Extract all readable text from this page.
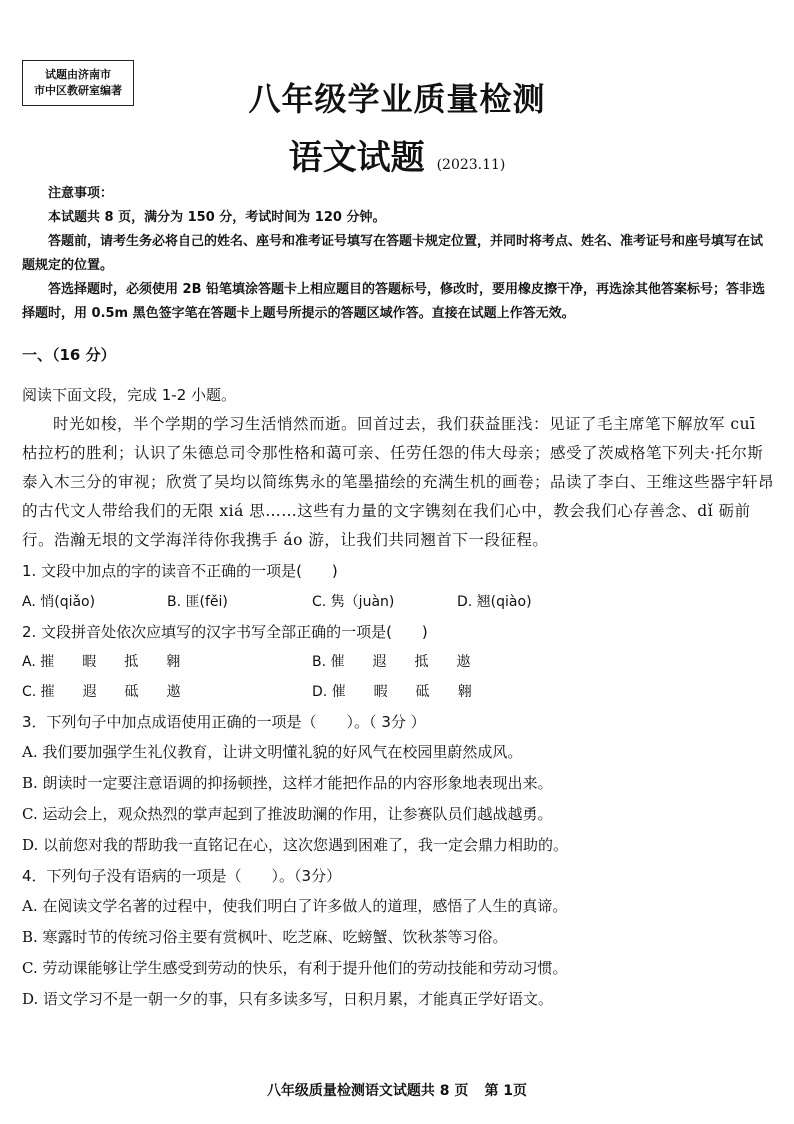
试题由济南市
市中区教研室编著	八年级学业质量检测
语文试题 (2023.11)

注意事项：

本试题共 8 页，满分为 150 分，考试时间为 120 分钟。

答题前，请考生务必将自己的姓名、座号和准考证号填写在答题卡规定位置，并同时将考点、姓名、准考证号和座号填写在试题规定的位置。

答选择题时，必须使用 2B 铅笔填涂答题卡上相应题目的答题标号，修改时，要用橡皮擦干净，再选涂其他答案标号；答非选择题时，用 0.5m 黑色签字笔在答题卡上题号所提示的答题区域作答。直接在试题上作答无效。

一、（16 分）

阅读下面文段，完成 1-2 小题。

时光如梭，半个学期的学习生活悄然而逝。回首过去，我们获益匪浅：见证了毛主席笔下解放军 cuī 枯拉朽的胜利；认识了朱德总司令那性格和蔼可亲、任劳任怨的伟大母亲；感受了茨威格笔下列夫·托尔斯泰入木三分的审视；欣赏了吴均以简练隽永的笔墨描绘的充满生机的画卷；品读了李白、王维这些器宇轩昂的古代文人带给我们的无限 xiá 思……这些有力量的文字镌刻在我们心中，教会我们心存善念、dǐ 砺前行。浩瀚无垠的文学海洋待你我携手 áo 游，让我们共同翘首下一段征程。

1. 文段中加点的字的读音不正确的一项是(　　)

A. 悄(qiǎo)	B. 匪(fěi)	C. 隽（juàn)	D. 翘(qiào)

2. 文段拼音处依次应填写的汉字书写全部正确的一项是(　　)

A. 摧　　暇　　抵　　翱	B. 催　　遐　　抵　　遨
C. 摧　　遐　　砥　　遨	D. 催　　暇　　砥　　翱

3．下列句子中加点成语使用正确的一项是（　　）。（ 3分 ）

A. 我们要加强学生礼仪教育，让讲文明懂礼貌的好风气在校园里蔚然成风。

B. 朗读时一定要注意语调的抑扬顿挫，这样才能把作品的内容形象地表现出来。

C. 运动会上，观众热烈的掌声起到了推波助澜的作用，让参赛队员们越战越勇。

D. 以前您对我的帮助我一直铭记在心，这次您遇到困难了，我一定会鼎力相助的。

4．下列句子没有语病的一项是（　　）。（3分）

A. 在阅读文学名著的过程中，使我们明白了许多做人的道理，感悟了人生的真谛。

B. 寒露时节的传统习俗主要有赏枫叶、吃芝麻、吃螃蟹、饮秋茶等习俗。

C. 劳动课能够让学生感受到劳动的快乐，有利于提升他们的劳动技能和劳动习惯。

D. 语文学习不是一朝一夕的事，只有多读多写，日积月累，才能真正学好语文。

八年级质量检测语文试题共 8 页 第 1页
